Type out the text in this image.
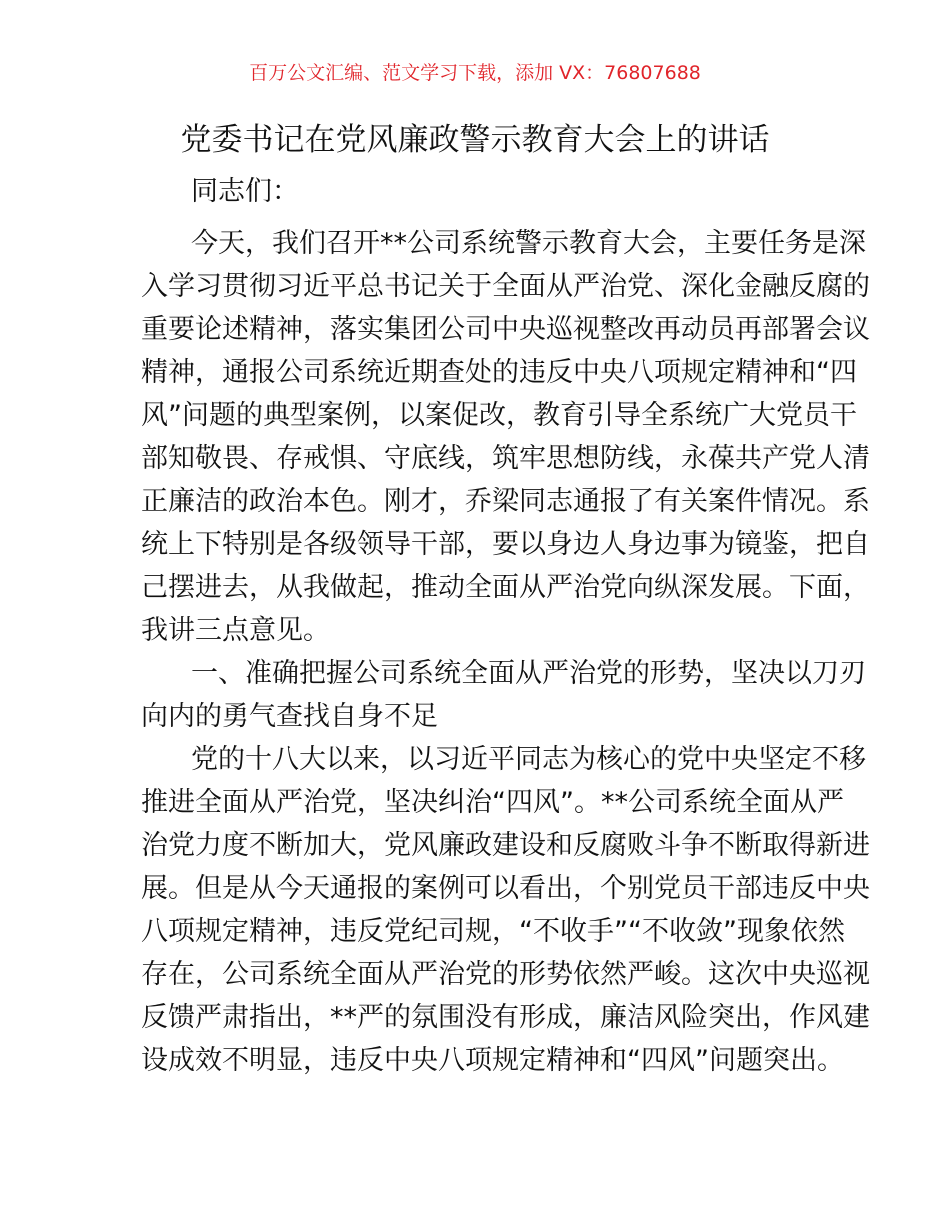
百万公文汇编、范文学习下载，添加 VX：76807688
党委书记在党风廉政警示教育大会上的讲话
同志们：
今天，我们召开**公司系统警示教育大会，主要任务是深
入学习贯彻习近平总书记关于全面从严治党、深化金融反腐的
重要论述精神，落实集团公司中央巡视整改再动员再部署会议
精神，通报公司系统近期查处的违反中央八项规定精神和“四
风”问题的典型案例，以案促改，教育引导全系统广大党员干
部知敬畏、存戒惧、守底线，筑牢思想防线，永葆共产党人清
正廉洁的政治本色。刚才，乔梁同志通报了有关案件情况。系
统上下特别是各级领导干部，要以身边人身边事为镜鉴，把自
己摆进去，从我做起，推动全面从严治党向纵深发展。下面，
我讲三点意见。
一、准确把握公司系统全面从严治党的形势，坚决以刀刃
向内的勇气查找自身不足
党的十八大以来，以习近平同志为核心的党中央坚定不移
推进全面从严治党，坚决纠治“四风”。**公司系统全面从严
治党力度不断加大，党风廉政建设和反腐败斗争不断取得新进
展。但是从今天通报的案例可以看出，个别党员干部违反中央
八项规定精神，违反党纪司规，“不收手”“不收敛”现象依然
存在，公司系统全面从严治党的形势依然严峻。这次中央巡视
反馈严肃指出，**严的氛围没有形成，廉洁风险突出，作风建
设成效不明显，违反中央八项规定精神和“四风”问题突出。
